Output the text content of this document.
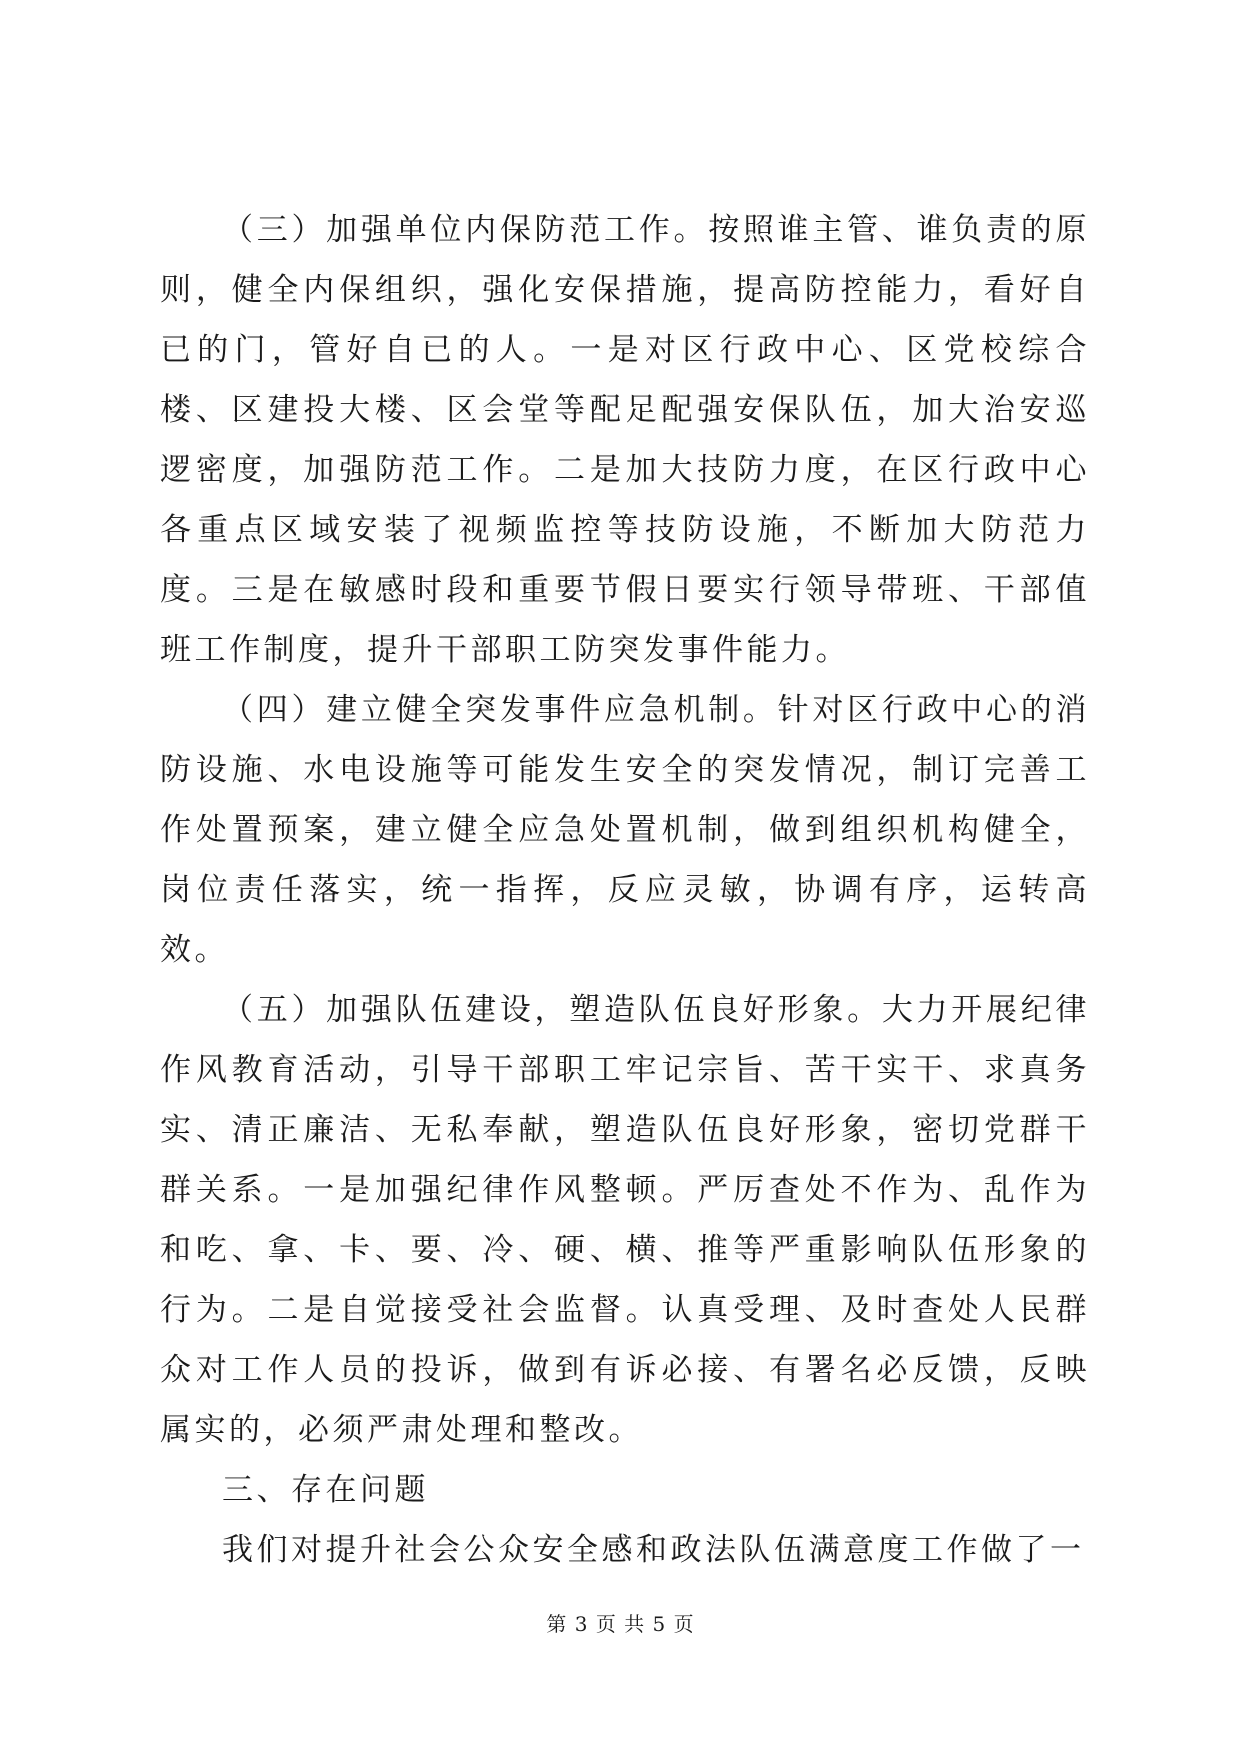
（三）加强单位内保防范工作。按照谁主管、谁负责的原则，健全内保组织，强化安保措施，提高防控能力，看好自已的门，管好自已的人。一是对区行政中心、区党校综合楼、区建投大楼、区会堂等配足配强安保队伍，加大治安巡逻密度，加强防范工作。二是加大技防力度，在区行政中心各重点区域安装了视频监控等技防设施，不断加大防范力度。三是在敏感时段和重要节假日要实行领导带班、干部值班工作制度，提升干部职工防突发事件能力。

（四）建立健全突发事件应急机制。针对区行政中心的消防设施、水电设施等可能发生安全的突发情况，制订完善工作处置预案，建立健全应急处置机制，做到组织机构健全，岗位责任落实，统一指挥，反应灵敏，协调有序，运转高效。

（五）加强队伍建设，塑造队伍良好形象。大力开展纪律作风教育活动，引导干部职工牢记宗旨、苦干实干、求真务实、清正廉洁、无私奉献，塑造队伍良好形象，密切党群干群关系。一是加强纪律作风整顿。严厉查处不作为、乱作为和吃、拿、卡、要、冷、硬、横、推等严重影响队伍形象的行为。二是自觉接受社会监督。认真受理、及时查处人民群众对工作人员的投诉，做到有诉必接、有署名必反馈，反映属实的，必须严肃处理和整改。

三、存在问题

我们对提升社会公众安全感和政法队伍满意度工作做了一

第 3 页 共 5 页
